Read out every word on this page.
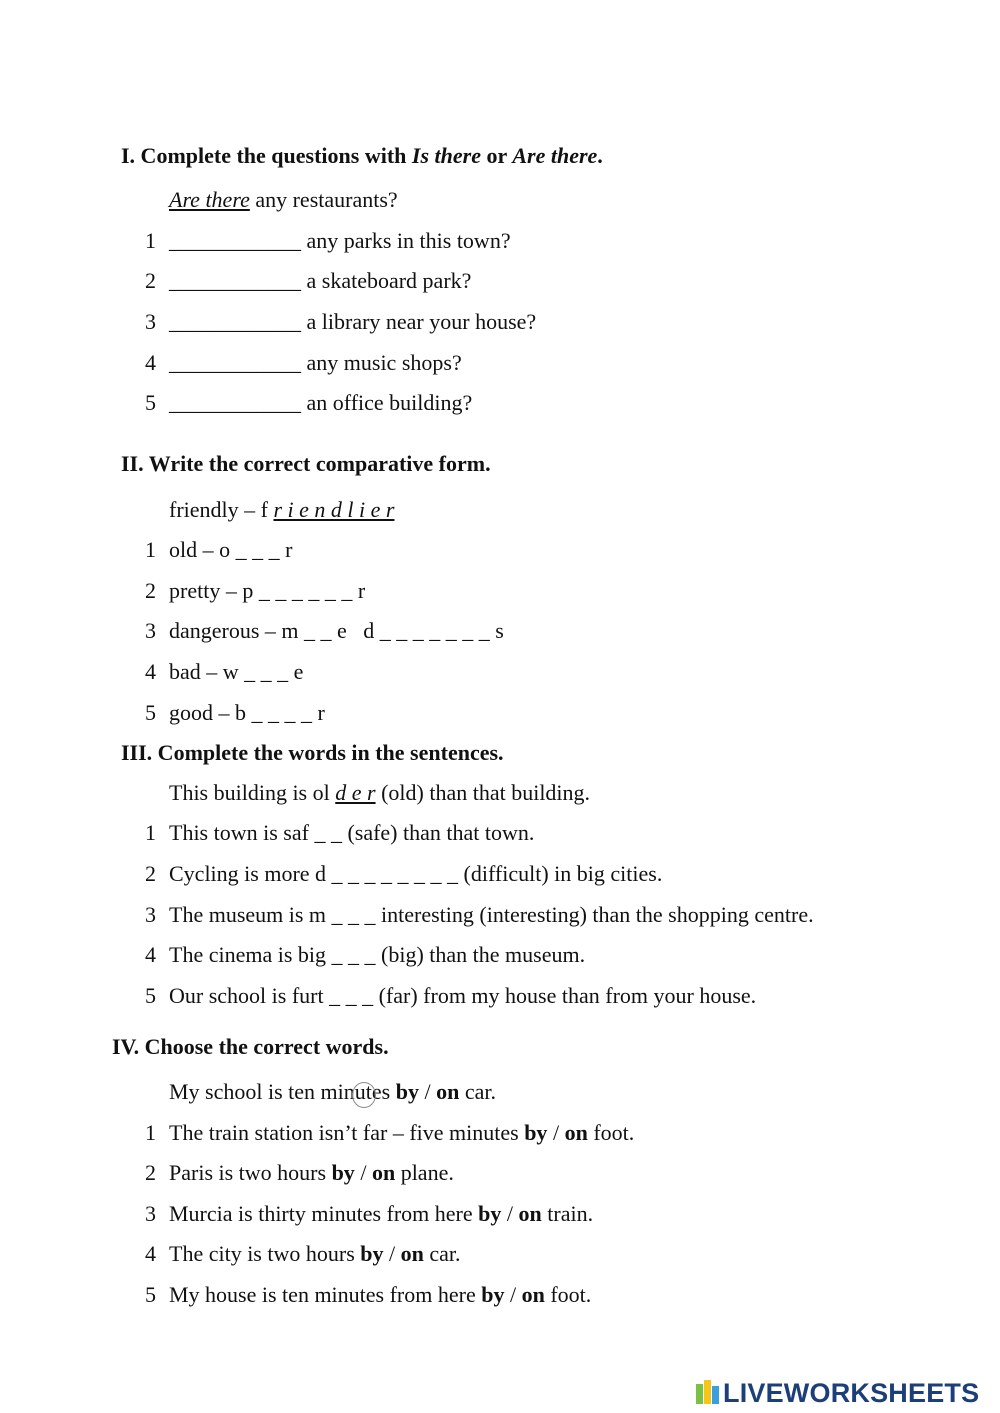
I. Complete the questions with Is there or Are there.
Are there any restaurants?
1 ____________ any parks in this town?
2 ____________ a skateboard park?
3 ____________ a library near your house?
4 ____________ any music shops?
5 ____________ an office building?
II. Write the correct comparative form.
friendly – f r i e n d l i e r
1 old – o _ _ _ r
2 pretty – p _ _ _ _ _ _ r
3 dangerous – m _ _ e   d _ _ _ _ _ _ _ s
4 bad – w _ _ _ e
5 good – b _ _ _ _ r
III. Complete the words in the sentences.
This building is ol d e r (old) than that building.
1 This town is saf _ _ (safe) than that town.
2 Cycling is more d _ _ _ _ _ _ _ _ (difficult) in big cities.
3 The museum is m _ _ _ interesting (interesting) than the shopping centre.
4 The cinema is big _ _ _ (big) than the museum.
5 Our school is furt _ _ _ (far) from my house than from your house.
IV. Choose the correct words.
My school is ten minutes by / on car.
1 The train station isn’t far – five minutes by / on foot.
2 Paris is two hours by / on plane.
3 Murcia is thirty minutes from here by / on train.
4 The city is two hours by / on car.
5 My house is ten minutes from here by / on foot.
LIVEWORKSHEETS
